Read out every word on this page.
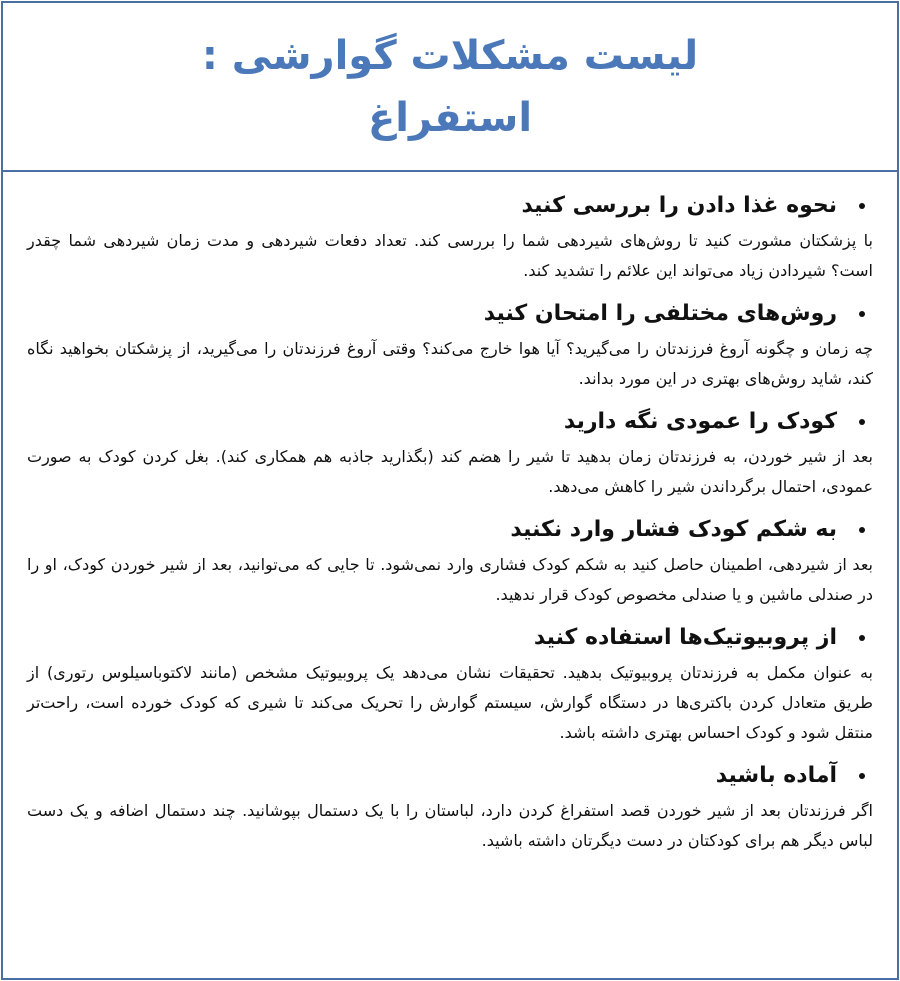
لیست مشکلات گوارشی :
استفراغ
نحوه غذا دادن را بررسی کنید

با پزشکتان مشورت کنید تا روش‌های شیردهی شما را بررسی کند. تعداد دفعات شیردهی و مدت زمان شیردهی شما چقدر است؟ شیردادن زیاد می‌تواند این علائم را تشدید کند.

روش‌های مختلفی را امتحان کنید

چه زمان و چگونه آروغ فرزندتان را می‌گیرید؟ آیا هوا خارج می‌کند؟ وقتی آروغ فرزندتان را می‌گیرید، از پزشکتان بخواهید نگاه کند، شاید روش‌های بهتری در این مورد بداند.

کودک را عمودی نگه دارید

بعد از شیر خوردن، به فرزندتان زمان بدهید تا شیر را هضم کند (بگذارید جاذبه هم همکاری کند). بغل کردن کودک به صورت عمودی، احتمال برگرداندن شیر را کاهش می‌دهد.

به شکم کودک فشار وارد نکنید

بعد از شیردهی، اطمینان حاصل کنید به شکم کودک فشاری وارد نمی‌شود. تا جایی که می‌توانید، بعد از شیر خوردن کودک، او را در صندلی ماشین و یا صندلی مخصوص کودک قرار ندهید.

از پروبیوتیک‌ها استفاده کنید

به عنوان مکمل به فرزندتان پروبیوتیک بدهید. تحقیقات نشان می‌دهد یک پروبیوتیک مشخص (مانند لاکتوباسیلوس رتوری) از طریق متعادل کردن باکتری‌ها در دستگاه گوارش، سیستم گوارش را تحریک می‌کند تا شیری که کودک خورده است، راحت‌تر منتقل شود و کودک احساس بهتری داشته باشد.

آماده باشید

اگر فرزندتان بعد از شیر خوردن قصد استفراغ کردن دارد، لباستان را با یک دستمال بپوشانید. چند دستمال اضافه و یک دست لباس دیگر هم برای کودکتان در دست دیگرتان داشته باشید.
